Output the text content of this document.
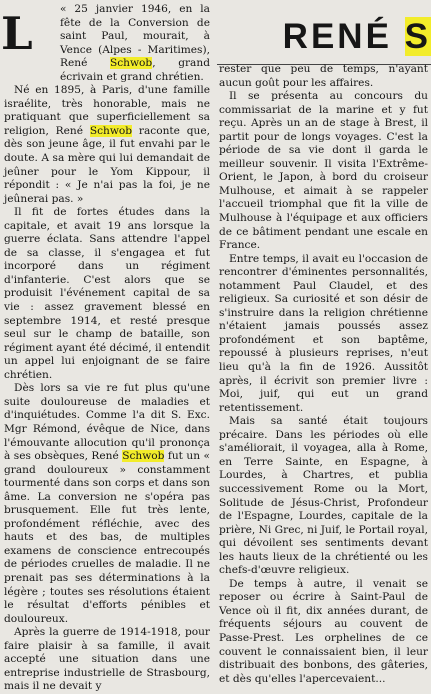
L	RENÉ S

« 25 janvier 1946, en la fête de la Conversion de saint Paul, mourait, à Vence (Alpes - Maritimes), René Schwob, grand écrivain et grand chrétien.

Né en 1895, à Paris, d'une famille israélite, très honorable, mais ne pratiquant que superficiellement sa religion, René Schwob raconte que, dès son jeune âge, il fut envahi par le doute. A sa mère qui lui demandait de jeûner pour le Yom Kippour, il répondit : « Je n'ai pas la foi, je ne jeûnerai pas. »

Il fit de fortes études dans la capitale, et avait 19 ans lorsque la guerre éclata. Sans attendre l'appel de sa classe, il s'engagea et fut incorporé dans un régiment d'infanterie. C'est alors que se produisit l'événement capital de sa vie : assez gravement blessé en septembre 1914, et resté presque seul sur le champ de bataille, son régiment ayant été décimé, il entendit un appel lui enjoignant de se faire chrétien.

Dès lors sa vie re fut plus qu'une suite douloureuse de maladies et d'inquiétudes. Comme l'a dit S. Exc. Mgr Rémond, évêque de Nice, dans l'émouvante allocution qu'il prononça à ses obsèques, René Schwob fut un « grand douloureux » constamment tourmenté dans son corps et dans son âme. La conversion ne s'opéra pas brusquement. Elle fut très lente, profondément réfléchie, avec des hauts et des bas, de multiples examens de conscience entrecoupés de périodes cruelles de maladie. Il ne prenait pas ses déterminations à la légère ; toutes ses résolutions étaient le résultat d'efforts pénibles et douloureux.

Après la guerre de 1914-1918, pour faire plaisir à sa famille, il avait accepté une situation dans une entreprise industrielle de Strasbourg, mais il ne devait y

rester que peu de temps, n'ayant aucun goût pour les affaires.

Il se présenta au concours du commissariat de la marine et y fut reçu. Après un an de stage à Brest, il partit pour de longs voyages. C'est la période de sa vie dont il garda le meilleur souvenir. Il visita l'Extrême-Orient, le Japon, à bord du croiseur Mulhouse, et aimait à se rappeler l'accueil triomphal que fit la ville de Mulhouse à l'équipage et aux officiers de ce bâtiment pendant une escale en France.

Entre temps, il avait eu l'occasion de rencontrer d'éminentes personnalités, notamment Paul Claudel, et des religieux. Sa curiosité et son désir de s'instruire dans la religion chrétienne n'étaient jamais poussés assez profondément et son baptême, repoussé à plusieurs reprises, n'eut lieu qu'à la fin de 1926. Aussitôt après, il écrivit son premier livre : Moi, juif, qui eut un grand retentissement.

Mais sa santé était toujours précaire. Dans les périodes où elle s'améliorait, il voyagea, alla à Rome, en Terre Sainte, en Espagne, à Lourdes, à Chartres, et publia successivement Rome ou la Mort, Solitude de Jésus-Christ, Profondeur de l'Espagne, Lourdes, capitale de la prière, Ni Grec, ni Juif, le Portail royal, qui dévoilent ses sentiments devant les hauts lieux de la chrétienté ou les chefs-d'œuvre religieux.

De temps à autre, il venait se reposer ou écrire à Saint-Paul de Vence où il fit, dix années durant, de fréquents séjours au couvent de Passe-Prest. Les orphelines de ce couvent le connaissaient bien, il leur distribuait des bonbons, des gâteries, et dès qu'elles l'apercevaient...
